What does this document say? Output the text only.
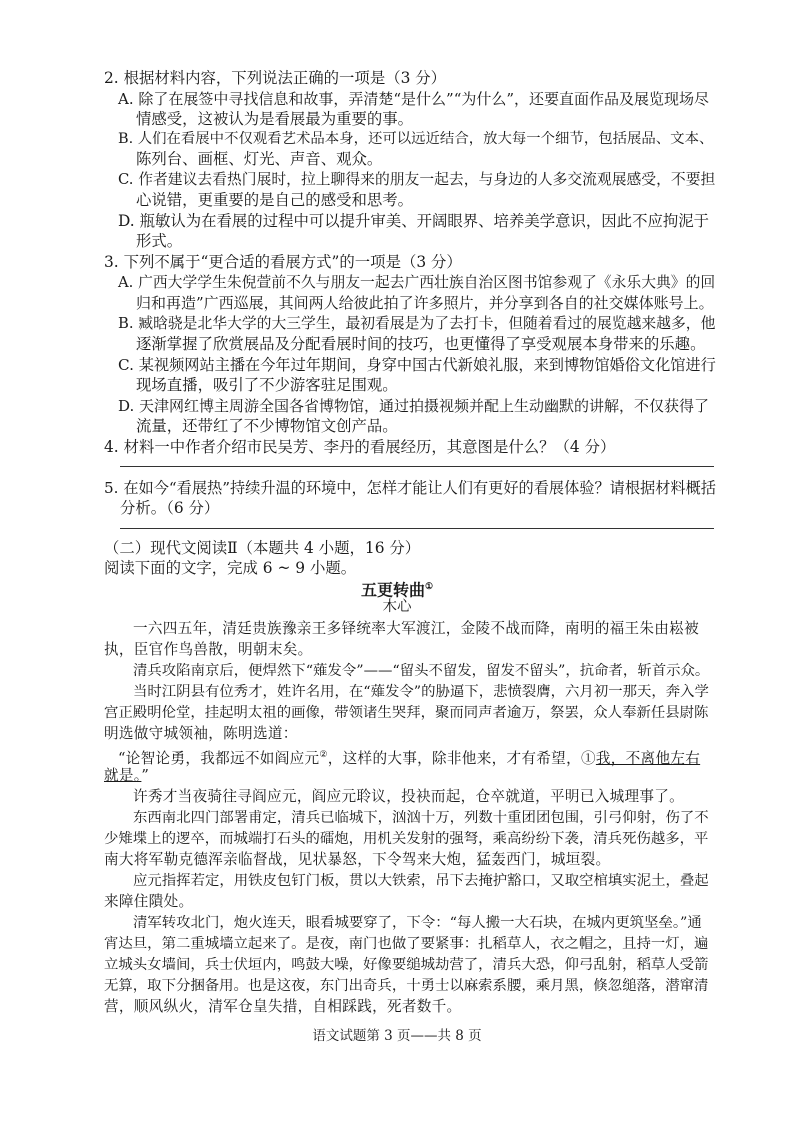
2. 根据材料内容，下列说法正确的一项是（3 分）
A. 除了在展签中寻找信息和故事，弄清楚“是什么”“为什么”，还要直面作品及展览现场尽
情感受，这被认为是看展最为重要的事。
B. 人们在看展中不仅观看艺术品本身，还可以远近结合，放大每一个细节，包括展品、文本、
陈列台、画框、灯光、声音、观众。
C. 作者建议去看热门展时，拉上聊得来的朋友一起去，与身边的人多交流观展感受，不要担
心说错，更重要的是自己的感受和思考。
D. 瓶敏认为在看展的过程中可以提升审美、开阔眼界、培养美学意识，因此不应拘泥于
形式。
3. 下列不属于“更合适的看展方式”的一项是（3 分）
A. 广西大学学生朱倪萱前不久与朋友一起去广西壮族自治区图书馆参观了《永乐大典》的回
归和再造”广西巡展，其间两人给彼此拍了许多照片，并分享到各自的社交媒体账号上。
B. 臧晗骁是北华大学的大三学生，最初看展是为了去打卡，但随着看过的展览越来越多，他
逐渐掌握了欣赏展品及分配看展时间的技巧，也更懂得了享受观展本身带来的乐趣。
C. 某视频网站主播在今年过年期间，身穿中国古代新娘礼服，来到博物馆婚俗文化馆进行
现场直播，吸引了不少游客驻足围观。
D. 天津网红博主周游全国各省博物馆，通过拍摄视频并配上生动幽默的讲解，不仅获得了
流量，还带红了不少博物馆文创产品。
4. 材料一中作者介绍市民吴芳、李丹的看展经历，其意图是什么？（4 分）
5. 在如今“看展热”持续升温的环境中，怎样才能让人们有更好的看展体验？请根据材料概括
分析。（6 分）
（二）现代文阅读Ⅱ（本题共 4 小题，16 分）
阅读下面的文字，完成 6 ~ 9 小题。
五更转曲①
木心
一六四五年，清廷贵族豫亲王多铎统率大军渡江，金陵不战而降，南明的福王朱由崧被
执，臣官作鸟兽散，明朝末矣。
清兵攻陷南京后，便焊然下“薙发令”——“留头不留发，留发不留头”，抗命者，斩首示众。
当时江阴县有位秀才，姓许名用，在“薙发令”的胁逼下，悲愤裂膺，六月初一那天，奔入学
宫正殿明伦堂，挂起明太祖的画像，带领诸生哭拜，聚而同声者逾万，祭罢，众人奉新任县尉陈
明选做守城领袖，陈明选道：
“论智论勇，我都远不如阎应元②，这样的大事，除非他来，才有希望，①我，不离他左右
就是。”
许秀才当夜骑往寻阎应元，阎应元聆议，投袂而起，仓卒就道，平明已入城理事了。
东西南北四门部署甫定，清兵已临城下，汹汹十万，列数十重团团包围，引弓仰射，伤了不
少雉堞上的逻卒，而城端打石头的礌炮，用机关发射的强弩，乘高纷纷下袭，清兵死伤越多，平
南大将军勒克德浑亲临督战，见状暴怒，下令驾来大炮，猛轰西门，城垣裂。
应元指挥若定，用铁皮包钉门板，贯以大铁索，吊下去掩护豁口，又取空棺填实泥土，叠起
来障住隤处。
清军转攻北门，炮火连天，眼看城要穿了，下令：“每人搬一大石块，在城内更筑坚垒。”通
宵达旦，第二重城墙立起来了。是夜，南门也做了要紧事：扎稻草人，衣之帽之，且持一灯，遍
立城头女墙间，兵士伏垣内，鸣鼓大噪，好像要缒城劫营了，清兵大恐，仰弓乱射，稻草人受箭
无算，取下分捆备用。也是这夜，东门出奇兵，十勇士以麻索系腰，乘月黑，倏忽缒落，潜窜清
营，顺风纵火，清军仓皇失措，自相踩践，死者数千。
语文试题第 3 页——共 8 页
